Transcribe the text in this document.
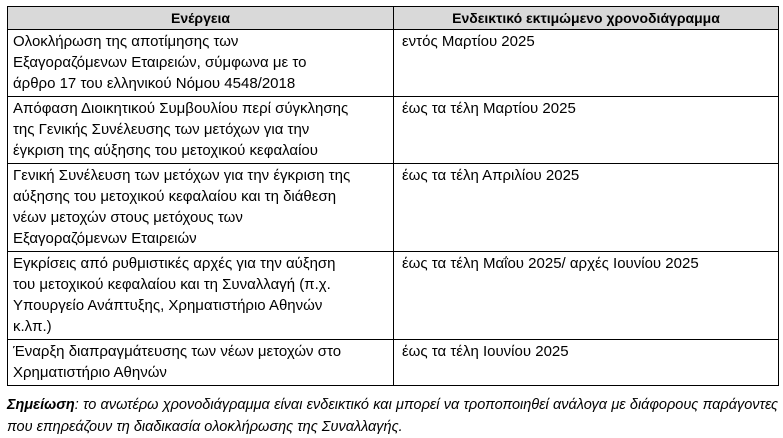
Ενέργεια	Ενδεικτικό εκτιμώμενο χρονοδιάγραμμα
Ολοκλήρωση της αποτίμησης των
Εξαγοραζόμενων Εταιρειών, σύμφωνα με το
άρθρο 17 του ελληνικού Νόμου 4548/2018	εντός Μαρτίου 2025
Απόφαση Διοικητικού Συμβουλίου περί σύγκλησης
της Γενικής Συνέλευσης των μετόχων για την
έγκριση της αύξησης του μετοχικού κεφαλαίου	έως τα τέλη Μαρτίου 2025
Γενική Συνέλευση των μετόχων για την έγκριση της
αύξησης του μετοχικού κεφαλαίου και τη διάθεση
νέων μετοχών στους μετόχους των
Εξαγοραζόμενων Εταιρειών	έως τα τέλη Απριλίου 2025
Εγκρίσεις από ρυθμιστικές αρχές για την αύξηση
του μετοχικού κεφαλαίου και τη Συναλλαγή (π.χ.
Υπουργείο Ανάπτυξης, Χρηματιστήριο Αθηνών
κ.λπ.)	έως τα τέλη Μαΐου 2025/ αρχές Ιουνίου 2025
Έναρξη διαπραγμάτευσης των νέων μετοχών στο
Χρηματιστήριο Αθηνών	έως τα τέλη Ιουνίου 2025

Σημείωση: το ανωτέρω χρονοδιάγραμμα είναι ενδεικτικό και μπορεί να τροποποιηθεί ανάλογα με διάφορους παράγοντες που επηρεάζουν τη διαδικασία ολοκλήρωσης της Συναλλαγής.
